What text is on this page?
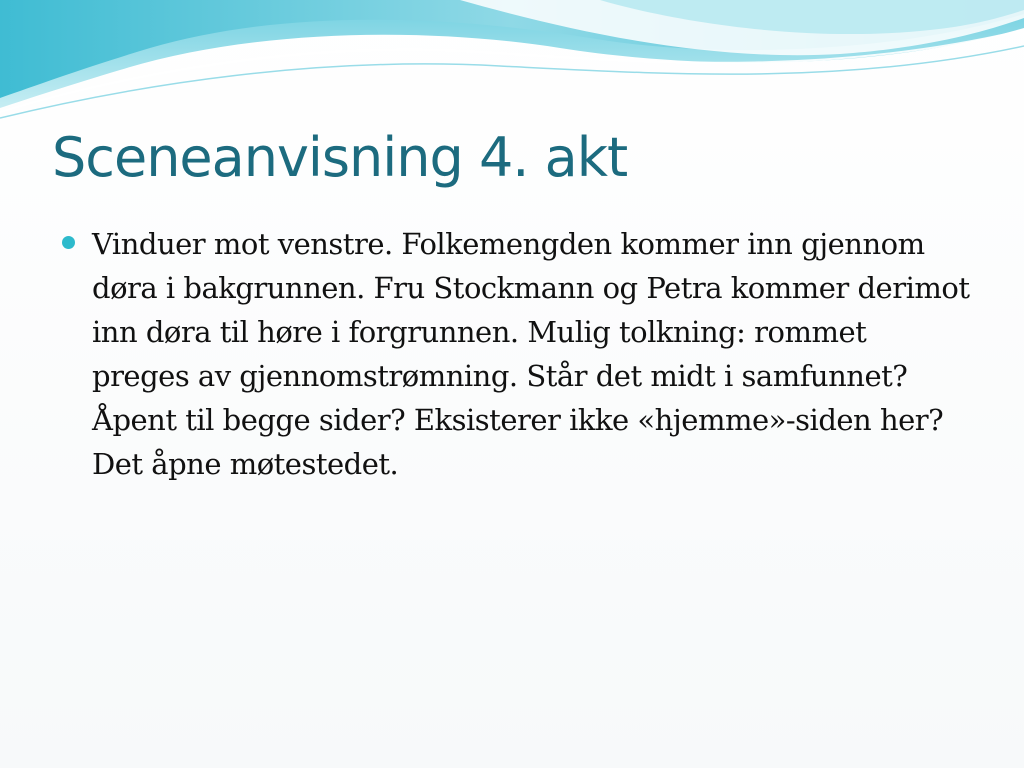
Sceneanvisning 4. akt

Vinduer mot venstre. Folkemengden kommer inn gjennom døra i bakgrunnen. Fru Stockmann og Petra kommer derimot inn døra til høre i forgrunnen. Mulig tolkning: rommet preges av gjennomstrømning. Står det midt i samfunnet? Åpent til begge sider? Eksisterer ikke «hjemme»-siden her? Det åpne møtestedet.
